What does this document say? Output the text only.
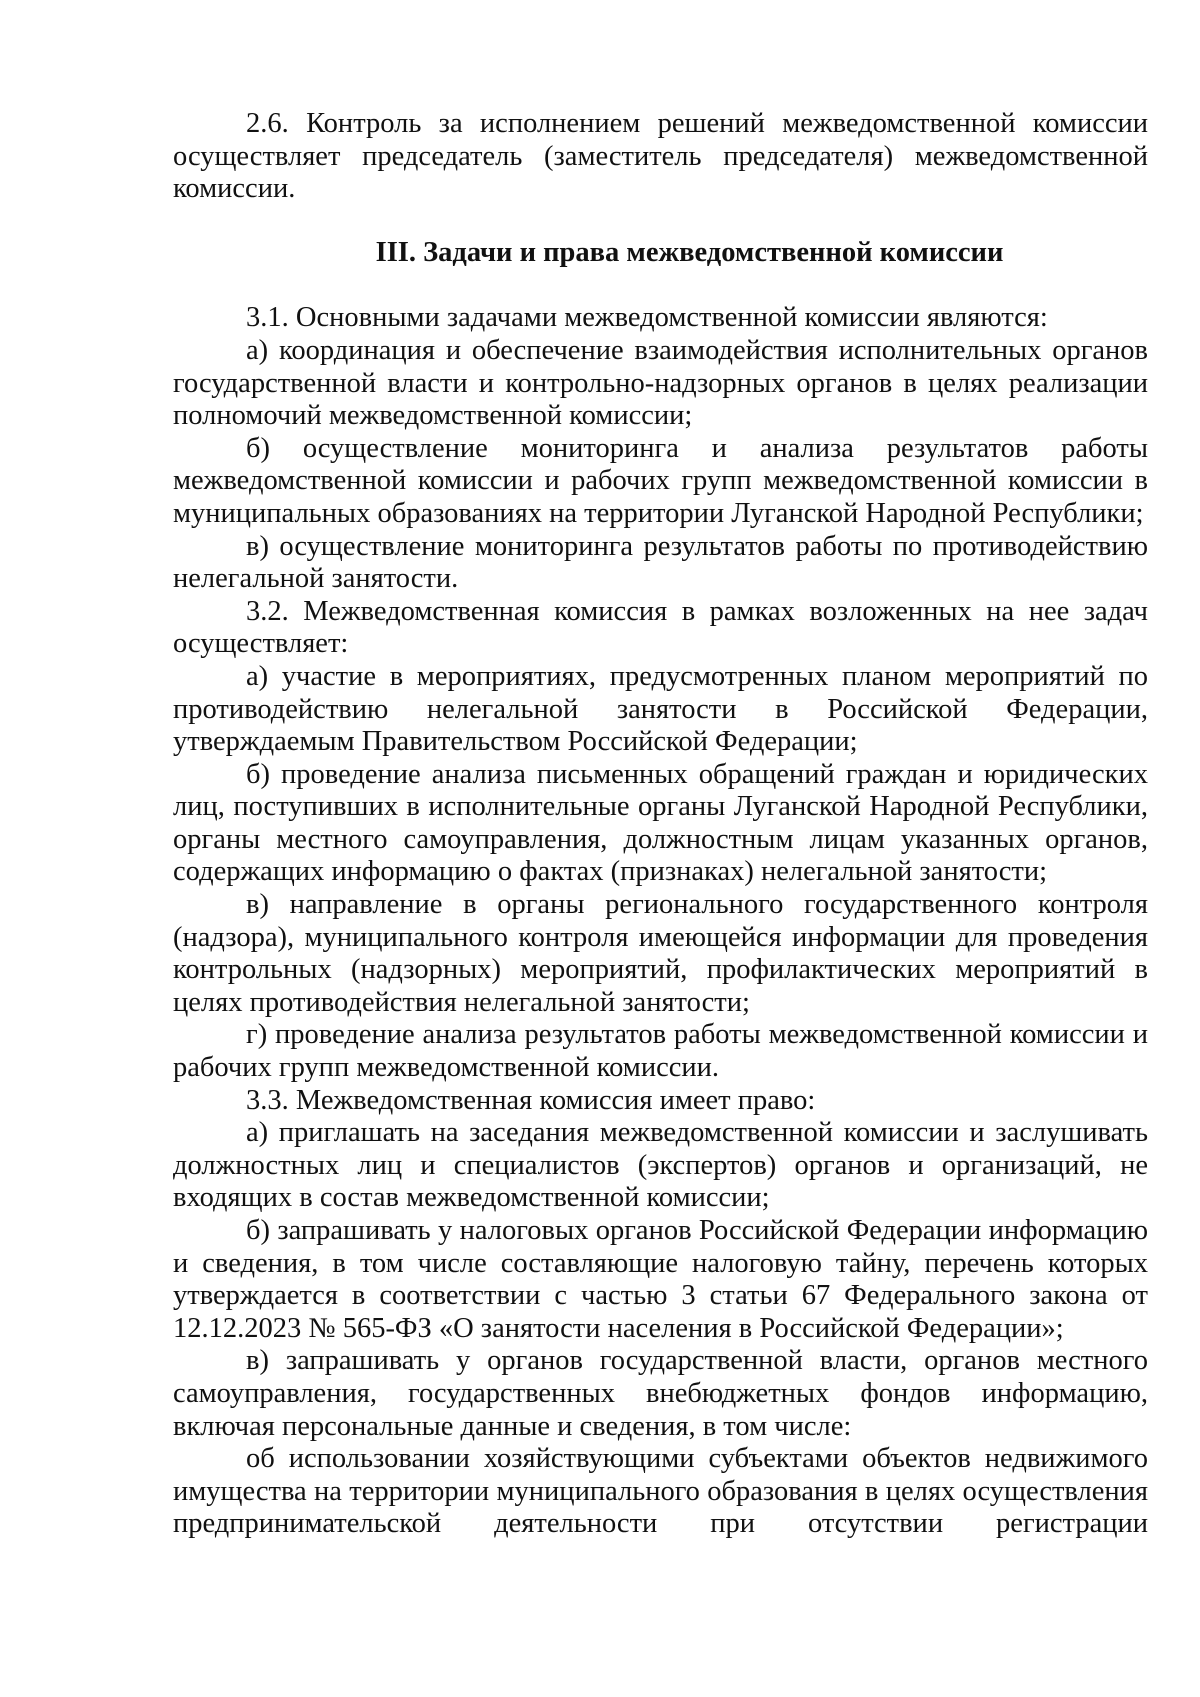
2.6. Контроль за исполнением решений межведомственной комиссии осуществляет председатель (заместитель председателя) межведомственной комиссии.

III. Задачи и права межведомственной комиссии

3.1. Основными задачами межведомственной комиссии являются:

а) координация и обеспечение взаимодействия исполнительных органов государственной власти и контрольно-надзорных органов в целях реализации полномочий межведомственной комиссии;

б) осуществление мониторинга и анализа результатов работы межведомственной комиссии и рабочих групп межведомственной комиссии в муниципальных образованиях на территории Луганской Народной Республики;

в) осуществление мониторинга результатов работы по противодействию нелегальной занятости.

3.2. Межведомственная комиссия в рамках возложенных на нее задач осуществляет:

а) участие в мероприятиях, предусмотренных планом мероприятий по противодействию нелегальной занятости в Российской Федерации, утверждаемым Правительством Российской Федерации;

б) проведение анализа письменных обращений граждан и юридических лиц, поступивших в исполнительные органы Луганской Народной Республики, органы местного самоуправления, должностным лицам указанных органов, содержащих информацию о фактах (признаках) нелегальной занятости;

в) направление в органы регионального государственного контроля (надзора), муниципального контроля имеющейся информации для проведения контрольных (надзорных) мероприятий, профилактических мероприятий в целях противодействия нелегальной занятости;

г) проведение анализа результатов работы межведомственной комиссии и рабочих групп межведомственной комиссии.

3.3. Межведомственная комиссия имеет право:

а) приглашать на заседания межведомственной комиссии и заслушивать должностных лиц и специалистов (экспертов) органов и организаций, не входящих в состав межведомственной комиссии;

б) запрашивать у налоговых органов Российской Федерации информацию и сведения, в том числе составляющие налоговую тайну, перечень которых утверждается в соответствии с частью 3 статьи 67 Федерального закона от 12.12.2023 № 565-ФЗ «О занятости населения в Российской Федерации»;

в) запрашивать у органов государственной власти, органов местного самоуправления, государственных внебюджетных фондов информацию, включая персональные данные и сведения, в том числе:

об использовании хозяйствующими субъектами объектов недвижимого имущества на территории муниципального образования в целях осуществления предпринимательской деятельности при отсутствии регистрации
